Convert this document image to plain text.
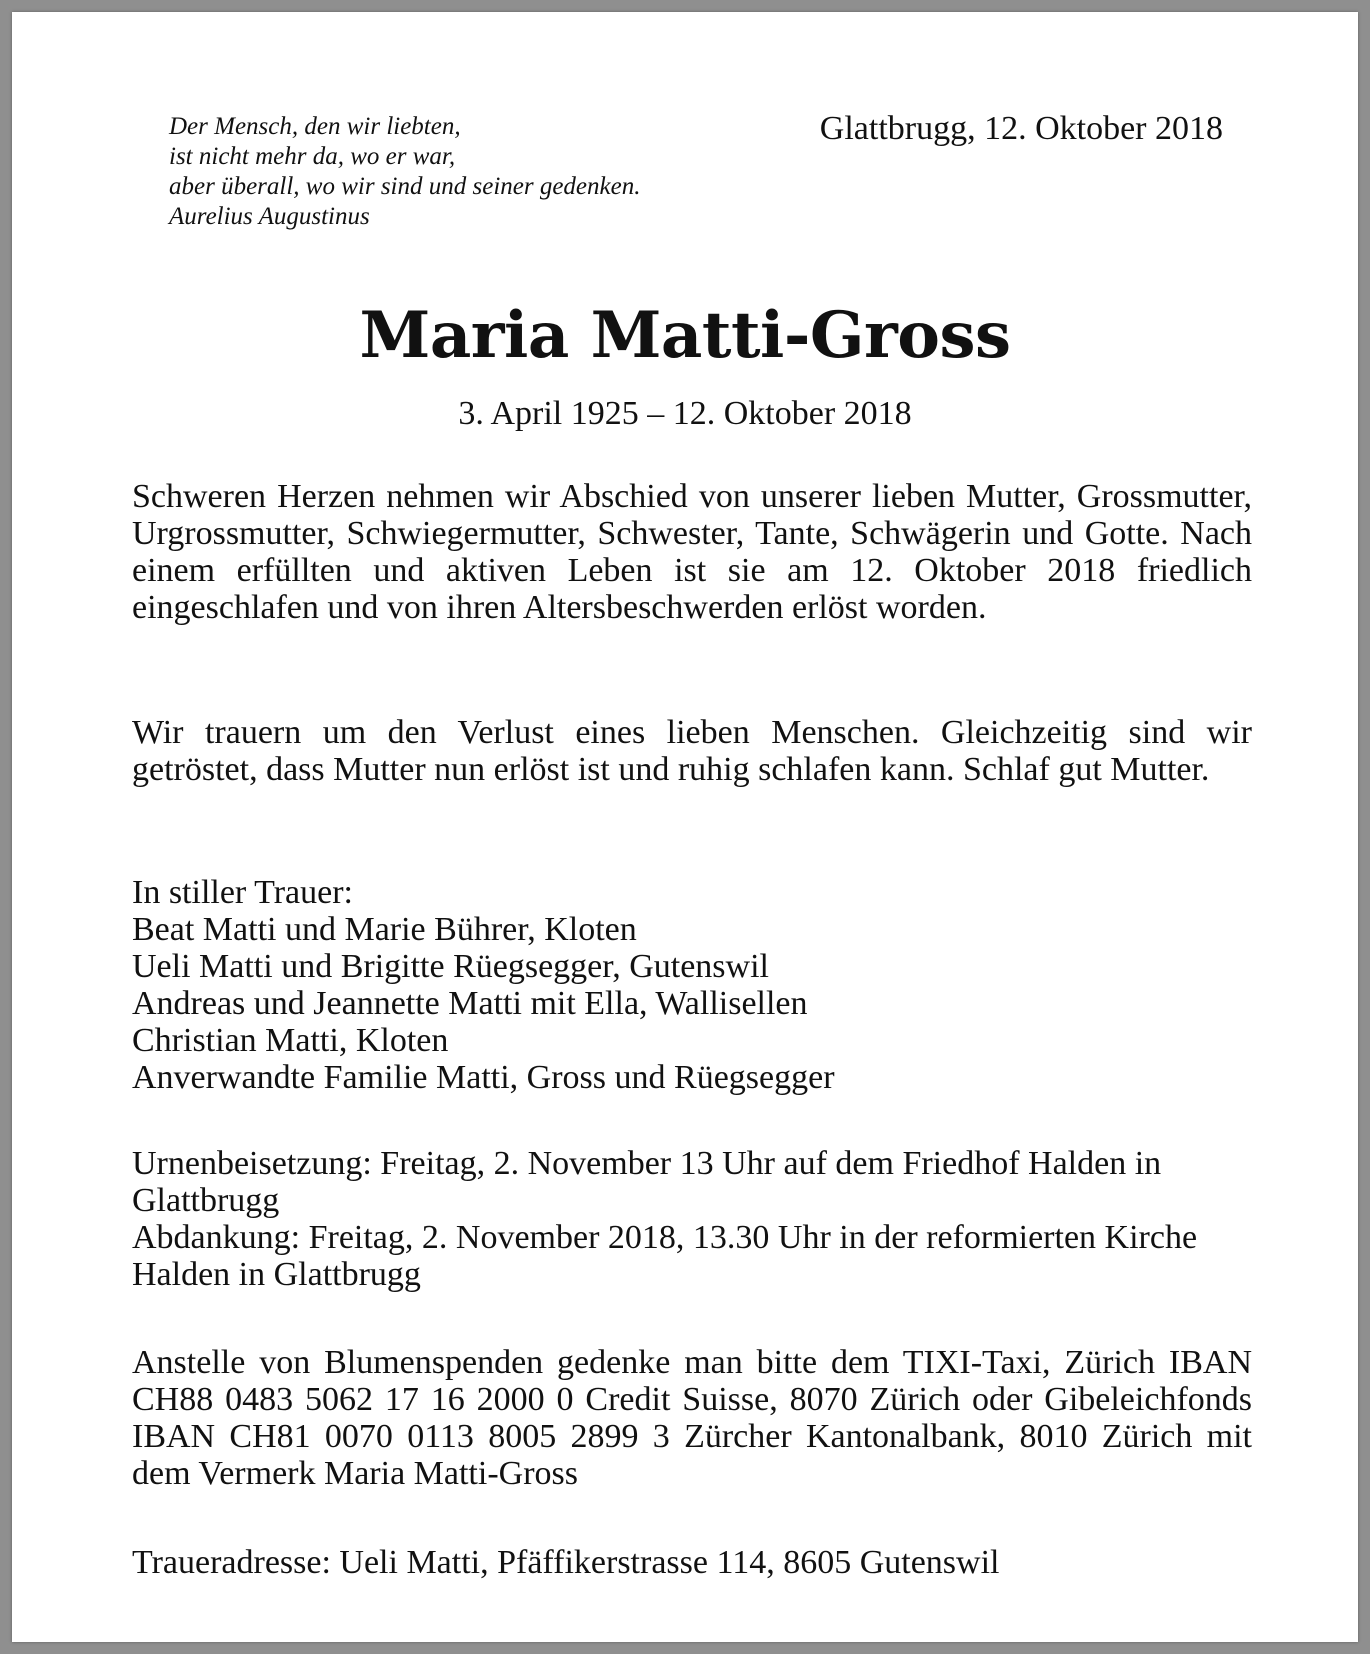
Der Mensch, den wir liebten,
ist nicht mehr da, wo er war,
aber überall, wo wir sind und seiner gedenken.
Aurelius Augustinus
Glattbrugg, 12. Oktober 2018
Maria Matti-Gross
3. April 1925 – 12. Oktober 2018
Schweren Herzen nehmen wir Abschied von unserer lieben Mutter, Grossmutter, Urgrossmutter, Schwiegermutter, Schwester, Tante, Schwägerin und Gotte. Nach einem erfüllten und aktiven Leben ist sie am 12. Oktober 2018 friedlich eingeschlafen und von ihren Altersbeschwerden erlöst worden.
Wir trauern um den Verlust eines lieben Menschen. Gleichzeitig sind wir getröstet, dass Mutter nun erlöst ist und ruhig schlafen kann. Schlaf gut Mutter.
In stiller Trauer:
Beat Matti und Marie Bührer, Kloten
Ueli Matti und Brigitte Rüegsegger, Gutenswil
Andreas und Jeannette Matti mit Ella, Wallisellen
Christian Matti, Kloten
Anverwandte Familie Matti, Gross und Rüegsegger
Urnenbeisetzung: Freitag, 2. November 13 Uhr auf dem Friedhof Halden in Glattbrugg
Abdankung: Freitag, 2. November 2018, 13.30 Uhr in der reformierten Kirche Halden in Glattbrugg
Anstelle von Blumenspenden gedenke man bitte dem TIXI-Taxi, Zürich IBAN CH88 0483 5062 17 16 2000 0 Credit Suisse, 8070 Zürich oder Gibeleichfonds IBAN CH81 0070 0113 8005 2899 3 Zürcher Kantonalbank, 8010 Zürich mit dem Vermerk Maria Matti-Gross
Traueradresse: Ueli Matti, Pfäffikerstrasse 114, 8605 Gutenswil
